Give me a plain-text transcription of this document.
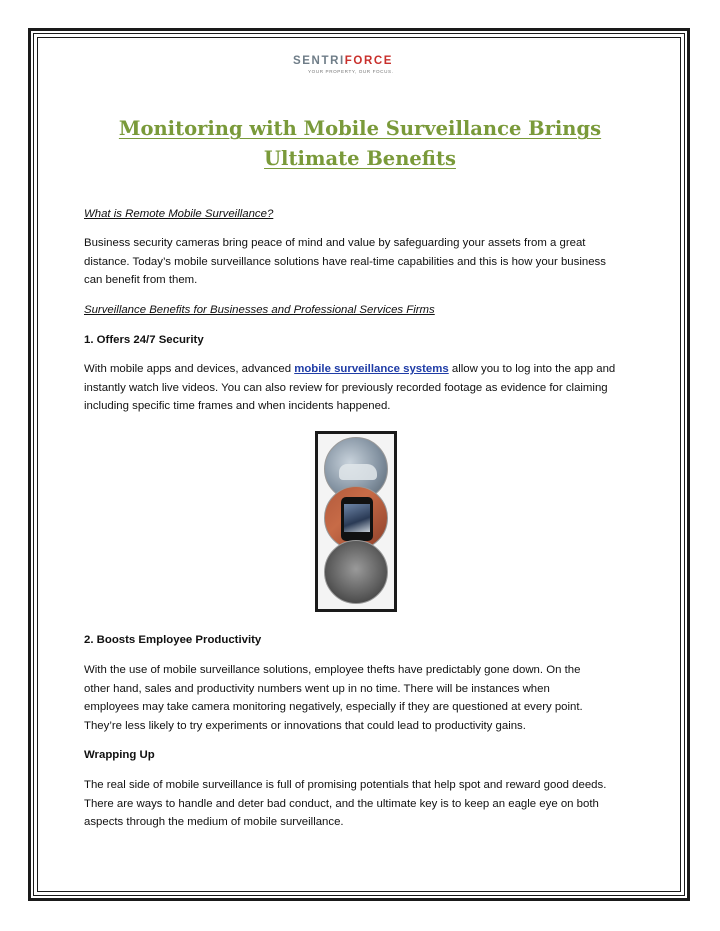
SENTRIFORCE
YOUR PROPERTY, OUR FOCUS.
Monitoring with Mobile Surveillance Brings
Ultimate Benefits

What is Remote Mobile Surveillance?

Business security cameras bring peace of mind and value by safeguarding your assets from a great
distance. Today’s mobile surveillance solutions have real-time capabilities and this is how your business
can benefit from them.

Surveillance Benefits for Businesses and Professional Services Firms

1. Offers 24/7 Security

With mobile apps and devices, advanced mobile surveillance systems allow you to log into the app and
instantly watch live videos. You can also review for previously recorded footage as evidence for claiming
including specific time frames and when incidents happened.

2. Boosts Employee Productivity

With the use of mobile surveillance solutions, employee thefts have predictably gone down. On the
other hand, sales and productivity numbers went up in no time. There will be instances when
employees may take camera monitoring negatively, especially if they are questioned at every point.
They’re less likely to try experiments or innovations that could lead to productivity gains.

Wrapping Up

The real side of mobile surveillance is full of promising potentials that help spot and reward good deeds.
There are ways to handle and deter bad conduct, and the ultimate key is to keep an eagle eye on both
aspects through the medium of mobile surveillance.
